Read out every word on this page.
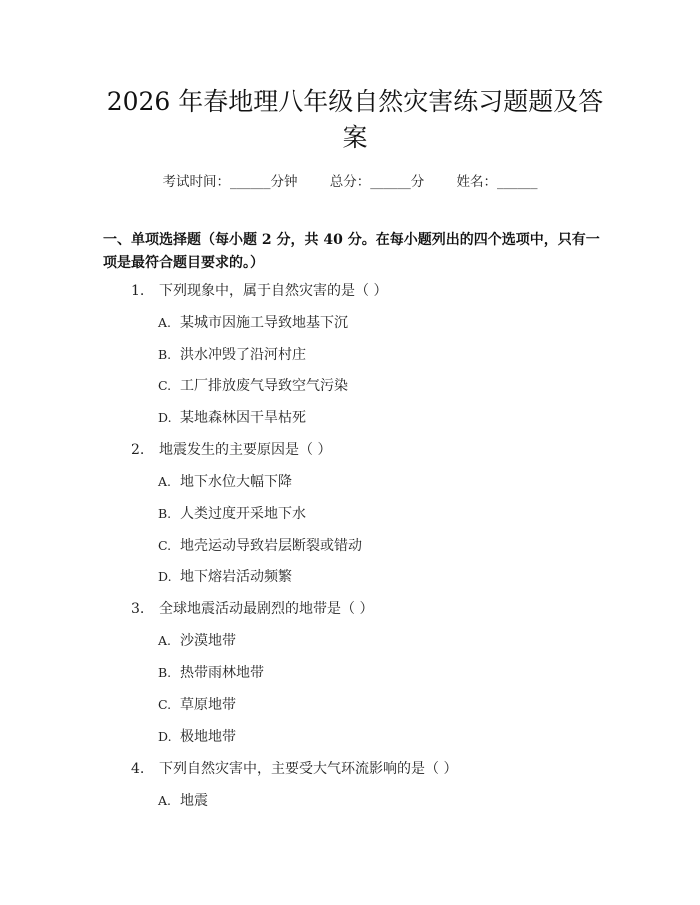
2026 年春地理八年级自然灾害练习题题及答案
考试时间：______分钟 总分：______分 姓名：______
一、单项选择题（每小题 2 分，共 40 分。在每小题列出的四个选项中，只有一项是最符合题目要求的。）
1. 下列现象中，属于自然灾害的是（ ）
A. 某城市因施工导致地基下沉
B. 洪水冲毁了沿河村庄
C. 工厂排放废气导致空气污染
D. 某地森林因干旱枯死
2. 地震发生的主要原因是（ ）
A. 地下水位大幅下降
B. 人类过度开采地下水
C. 地壳运动导致岩层断裂或错动
D. 地下熔岩活动频繁
3. 全球地震活动最剧烈的地带是（ ）
A. 沙漠地带
B. 热带雨林地带
C. 草原地带
D. 极地地带
4. 下列自然灾害中，主要受大气环流影响的是（ ）
A. 地震
